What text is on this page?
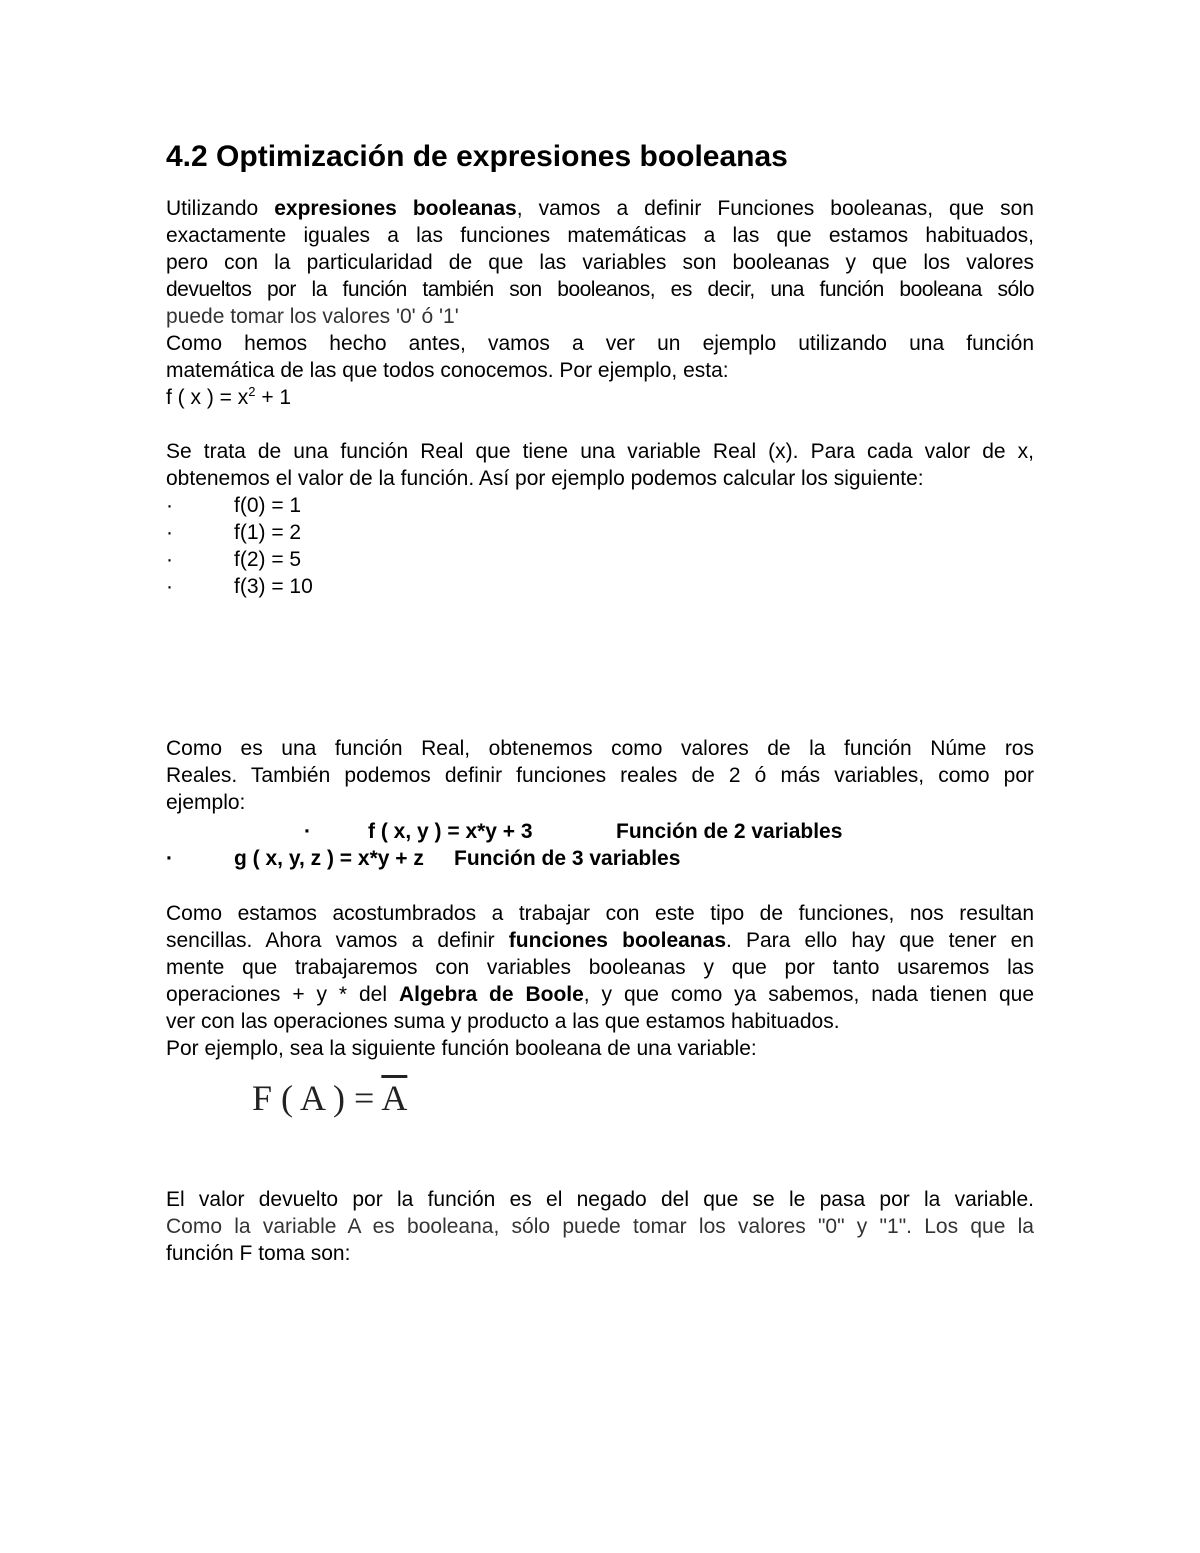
4.2 Optimización de expresiones booleanas
Utilizando expresiones booleanas, vamos a definir Funciones booleanas, que son
exactamente iguales a las funciones matemáticas a las que estamos habituados,
pero con la particularidad de que las variables son booleanas y que los valores
devueltos por la función también son booleanos, es decir, una función booleana sólo
puede tomar los valores '0' ó '1'
Como hemos hecho antes, vamos a ver un ejemplo utilizando una función
matemática de las que todos conocemos. Por ejemplo, esta:
f ( x ) = $x^2 + 1$
Se trata de una función Real que tiene una variable Real (x). Para cada valor de x,
obtenemos el valor de la función. Así por ejemplo podemos calcular los siguiente:
·	f(0) = 1
·	f(1) = 2
·	f(2) = 5
·	f(3) = 10
Como es una función Real, obtenemos como valores de la función Núme ros
Reales. También podemos definir funciones reales de 2 ó más variables, como por
ejemplo:
·	f ( x, y ) = x*y + 3	Función de 2 variables
·	g ( x, y, z ) = x*y + z Función de 3 variables
Como estamos acostumbrados a trabajar con este tipo de funciones, nos resultan
sencillas. Ahora vamos a definir funciones booleanas. Para ello hay que tener en
mente que trabajaremos con variables booleanas y que por tanto usaremos las
operaciones + y * del Algebra de Boole, y que como ya sabemos, nada tienen que
ver con las operaciones suma y producto a las que estamos habituados.
Por ejemplo, sea la siguiente función booleana de una variable:
F ( A ) = $\overline{A}$
El valor devuelto por la función es el negado del que se le pasa por la variable.
Como la variable A es booleana, sólo puede tomar los valores "0" y "1". Los que la
función F toma son:
